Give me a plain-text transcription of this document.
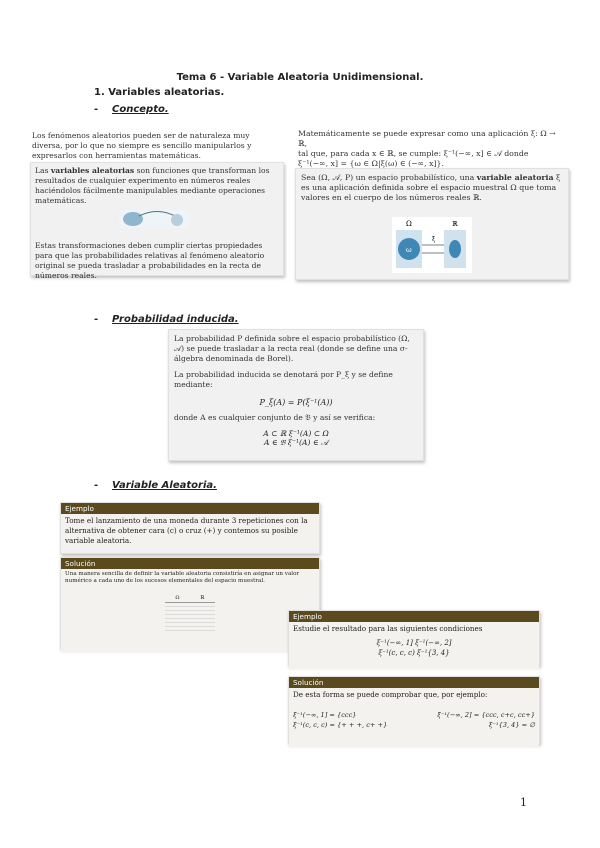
Tema 6 - Variable Aleatoria Unidimensional.
1. Variables aleatorias.
- Concepto.
Los fenómenos aleatorios pueden ser de naturaleza muy diversa, por lo que no siempre es sencillo manipularlos y expresarlos con herramientas matemáticas.
Las variables aleatorias son funciones que transforman los resultados de cualquier experimento en números reales haciéndolos fácilmente manipulables mediante operaciones matemáticas.
Estas transformaciones deben cumplir ciertas propiedades para que las probabilidades relativas al fenómeno aleatorio original se pueda trasladar a probabilidades en la recta de números reales.
Matemáticamente se puede expresar como una aplicación ξ: Ω → ℝ,
tal que, para cada x ∈ ℝ, se cumple: ξ⁻¹(−∞, x] ∈ 𝒜 donde
ξ⁻¹(−∞, x] = {ω ∈ Ω|ξ(ω) ∈ (−∞, x]}.
Sea (Ω, 𝒜, P) un espacio probabilístico, una variable aleatoria ξ es una aplicación definida sobre el espacio muestral Ω que toma valores en el cuerpo de los números reales ℝ.
Ω	ℝ
ω
ξ
- Probabilidad inducida.
La probabilidad P definida sobre el espacio probabilístico (Ω, 𝒜) se puede trasladar a la recta real (donde se define una σ-álgebra denominada de Borel).
La probabilidad inducida se denotará por P_ξ y se define mediante:
P_ξ(A) = P(ξ⁻¹(A))
donde A es cualquier conjunto de 𝔅 y así se verifica:
A ⊂ ℝ ξ⁻¹(A) ⊂ Ω
A ∈ 𝔅 ξ⁻¹(A) ∈ 𝒜
- Variable Aleatoria.
Ejemplo
Tome el lanzamiento de una moneda durante 3 repeticiones con la alternativa de obtener cara (c) o cruz (+) y contemos su posible variable aleatoria.
Solución
Una manera sencilla de definir la variable aleatoria consistiría en asignar un valor numérico a cada uno de los sucesos elementales del espacio muestral.
Ω	ℝ
Ejemplo
Estudie el resultado para las siguientes condiciones
ξ⁻¹(−∞, 1] ξ⁻¹(−∞, 2]
ξ⁻¹(c, c, c) ξ⁻¹{3, 4}
Solución
De esta forma se puede comprobar que, por ejemplo:
ξ⁻¹(−∞, 1] = {ccc}	ξ⁻¹(−∞, 2] = {ccc, c+c, cc+}
ξ⁻¹(c, c, c) = {+ + +, c+ +}	ξ⁻¹{3, 4} = ∅
1
